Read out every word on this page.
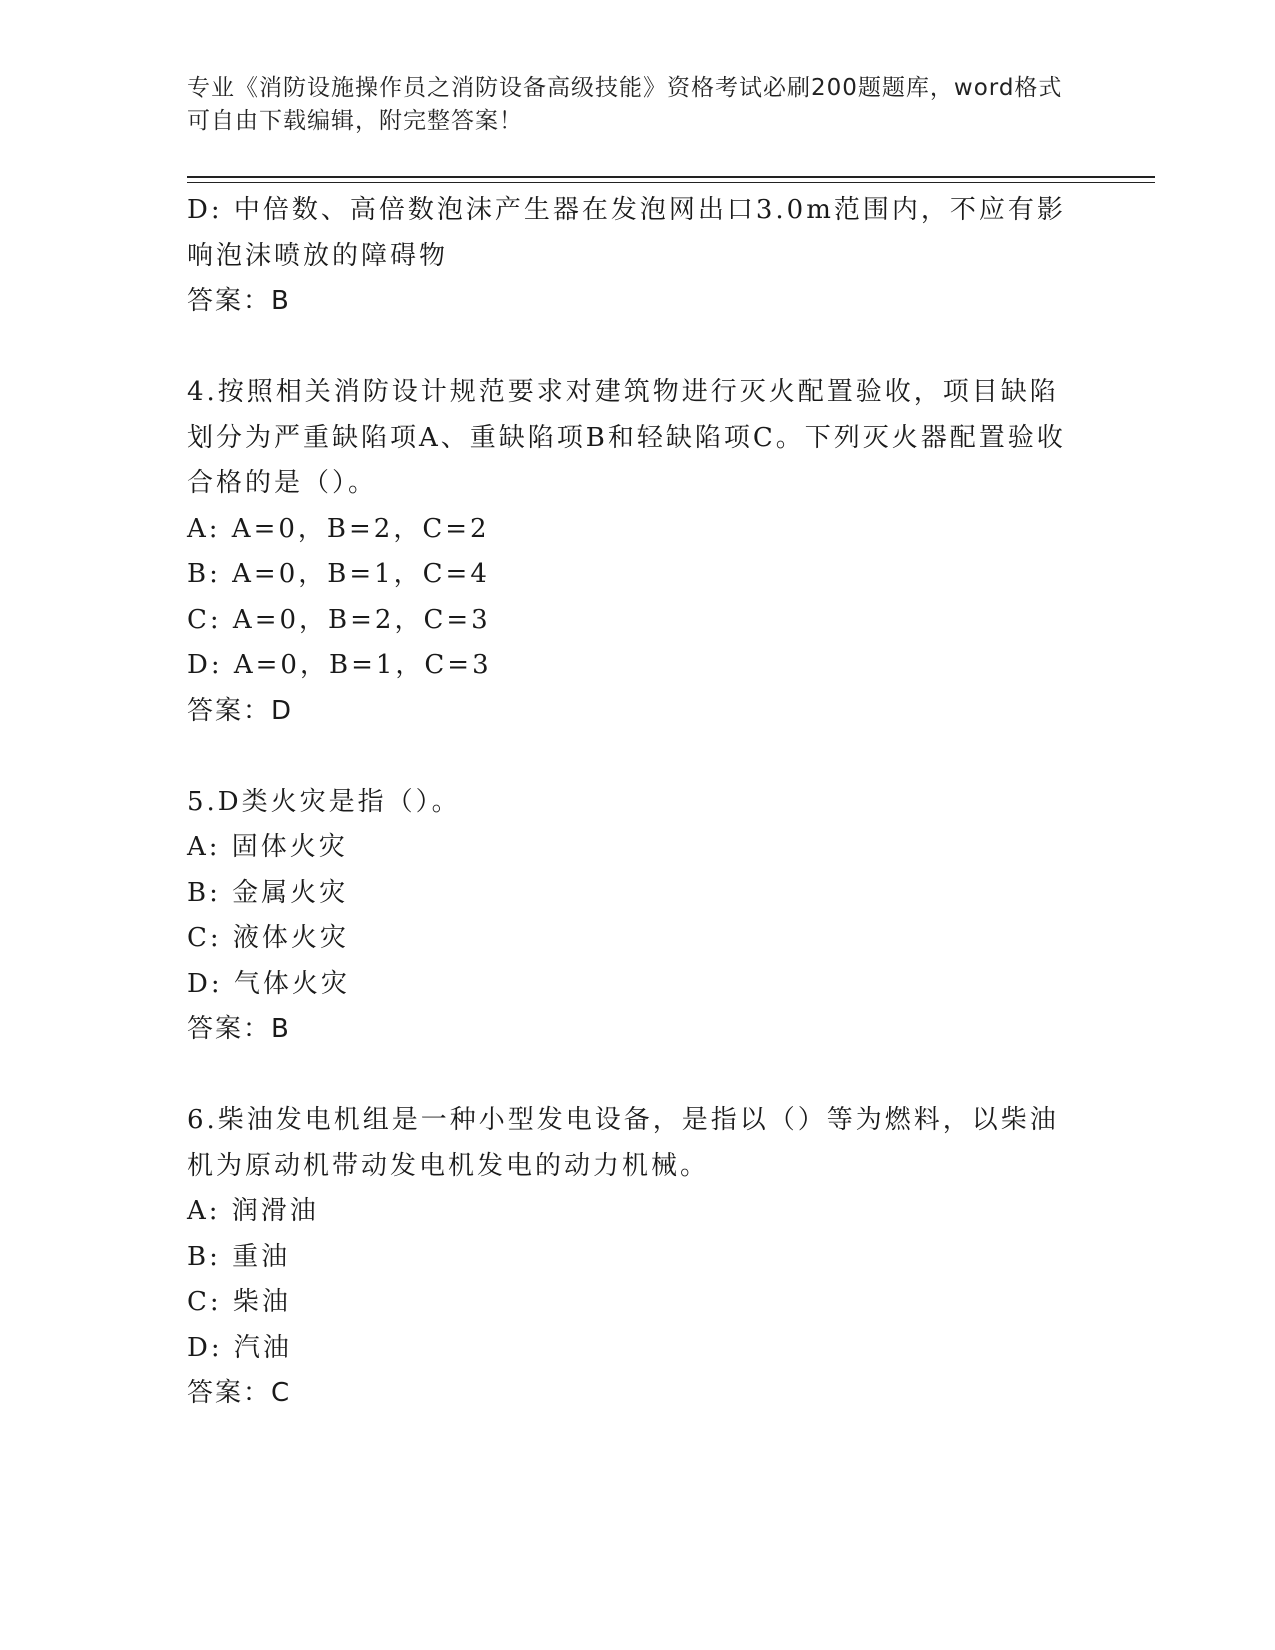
专业《消防设施操作员之消防设备高级技能》资格考试必刷200题题库，word格式可自由下载编辑，附完整答案！
D: 中倍数、高倍数泡沫产生器在发泡网出口3.0m范围内，不应有影
响泡沫喷放的障碍物
答案：B
4.按照相关消防设计规范要求对建筑物进行灭火配置验收，项目缺陷
划分为严重缺陷项A、重缺陷项B和轻缺陷项C。下列灭火器配置验收
合格的是（）。
A: A=0，B=2，C=2
B: A=0，B=1，C=4
C: A=0，B=2，C=3
D: A=0，B=1，C=3
答案：D
5.D类火灾是指（）。
A: 固体火灾
B: 金属火灾
C: 液体火灾
D: 气体火灾
答案：B
6.柴油发电机组是一种小型发电设备，是指以（）等为燃料，以柴油
机为原动机带动发电机发电的动力机械。
A: 润滑油
B: 重油
C: 柴油
D: 汽油
答案：C
